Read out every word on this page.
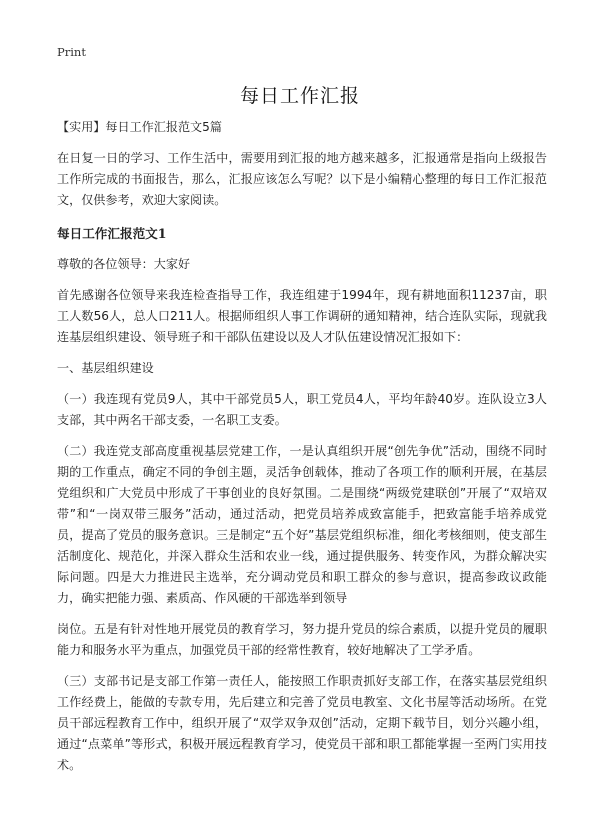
Print
每日工作汇报

【实用】每日工作汇报范文5篇

在日复一日的学习、工作生活中，需要用到汇报的地方越来越多，汇报通常是指向上级报告工作所完成的书面报告，那么，汇报应该怎么写呢？以下是小编精心整理的每日工作汇报范文，仅供参考，欢迎大家阅读。

每日工作汇报范文1

尊敬的各位领导：大家好

首先感谢各位领导来我连检查指导工作，我连组建于1994年，现有耕地面积11237亩，职工人数56人，总人口211人。根据师组织人事工作调研的通知精神，结合连队实际，现就我连基层组织建设、领导班子和干部队伍建设以及人才队伍建设情况汇报如下：

一、基层组织建设

（一）我连现有党员9人，其中干部党员5人，职工党员4人，平均年龄40岁。连队设立3人支部，其中两名干部支委，一名职工支委。

（二）我连党支部高度重视基层党建工作，一是认真组织开展“创先争优”活动，围绕不同时期的工作重点，确定不同的争创主题，灵活争创载体，推动了各项工作的顺利开展，在基层党组织和广大党员中形成了干事创业的良好氛围。二是围绕“两级党建联创”开展了“双培双带”和“一岗双带三服务”活动，通过活动，把党员培养成致富能手，把致富能手培养成党员，提高了党员的服务意识。三是制定“五个好”基层党组织标准，细化考核细则，使支部生活制度化、规范化，并深入群众生活和农业一线，通过提供服务、转变作风，为群众解决实际问题。四是大力推进民主选举，充分调动党员和职工群众的参与意识，提高参政议政能力，确实把能力强、素质高、作风硬的干部选举到领导

岗位。五是有针对性地开展党员的教育学习，努力提升党员的综合素质，以提升党员的履职能力和服务水平为重点，加强党员干部的经常性教育，较好地解决了工学矛盾。

（三）支部书记是支部工作第一责任人，能按照工作职责抓好支部工作，在落实基层党组织工作经费上，能做的专款专用，先后建立和完善了党员电教室、文化书屋等活动场所。在党员干部远程教育工作中，组织开展了“双学双争双创”活动，定期下载节目，划分兴趣小组，通过“点菜单”等形式，积极开展远程教育学习，使党员干部和职工都能掌握一至两门实用技术。
